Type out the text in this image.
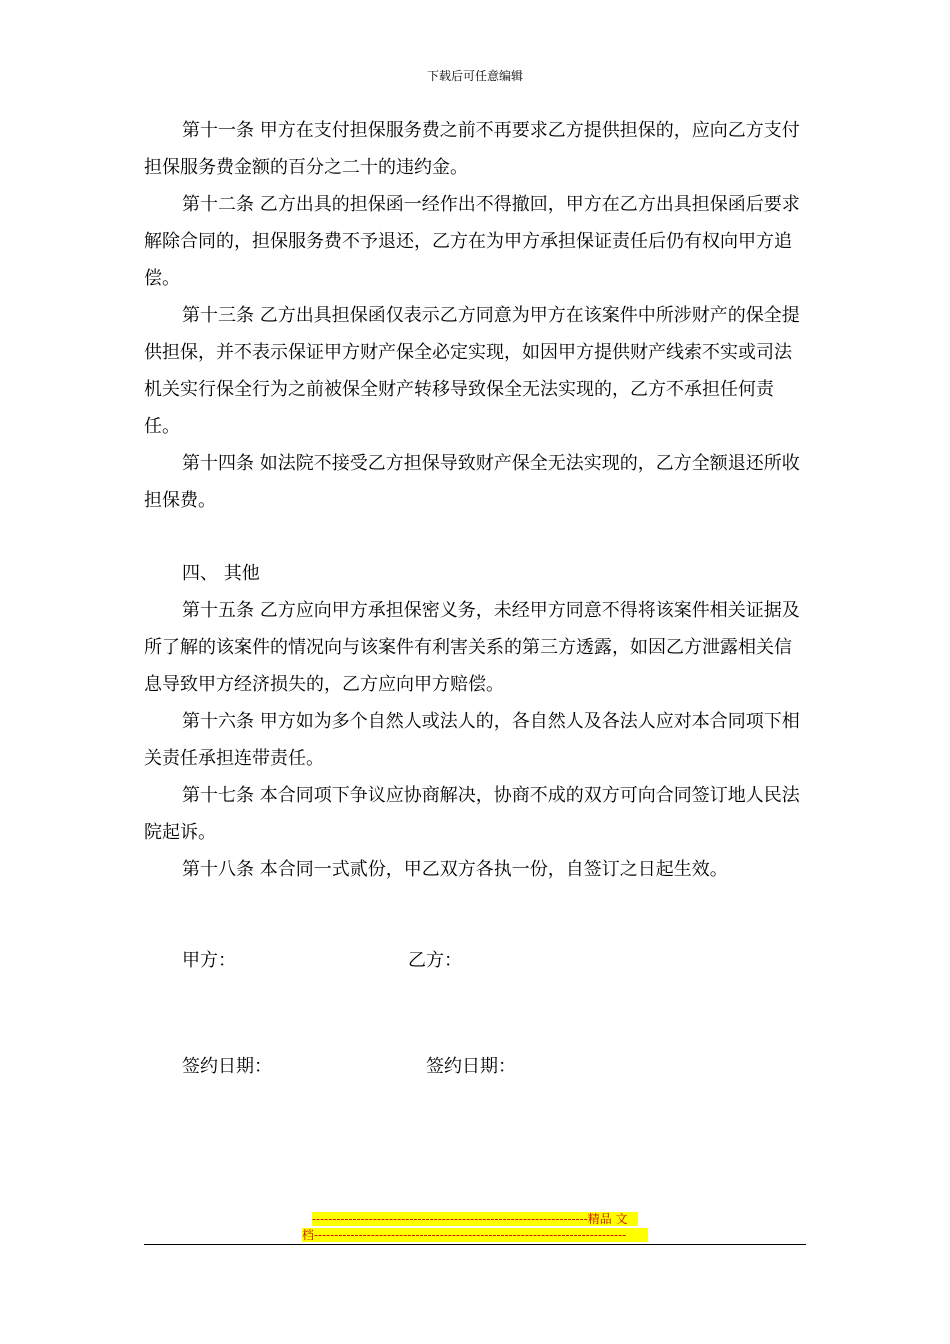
下载后可任意编辑

第十一条 甲方在支付担保服务费之前不再要求乙方提供担保的，应向乙方支付担保服务费金额的百分之二十的违约金。

第十二条 乙方出具的担保函一经作出不得撤回，甲方在乙方出具担保函后要求解除合同的，担保服务费不予退还，乙方在为甲方承担保证责任后仍有权向甲方追偿。

第十三条 乙方出具担保函仅表示乙方同意为甲方在该案件中所涉财产的保全提供担保，并不表示保证甲方财产保全必定实现，如因甲方提供财产线索不实或司法机关实行保全行为之前被保全财产转移导致保全无法实现的，乙方不承担任何责任。

第十四条 如法院不接受乙方担保导致财产保全无法实现的，乙方全额退还所收担保费。

四、 其他

第十五条 乙方应向甲方承担保密义务，未经甲方同意不得将该案件相关证据及所了解的该案件的情况向与该案件有利害关系的第三方透露，如因乙方泄露相关信息导致甲方经济损失的，乙方应向甲方赔偿。

第十六条 甲方如为多个自然人或法人的，各自然人及各法人应对本合同项下相关责任承担连带责任。

第十七条 本合同项下争议应协商解决，协商不成的双方可向合同签订地人民法院起诉。

第十八条 本合同一式贰份，甲乙双方各执一份，自签订之日起生效。

甲方：	乙方：
签约日期：	签约日期：
--------------------------------------------------------------------精品 文
档-----------------------------------------------------------------------------
